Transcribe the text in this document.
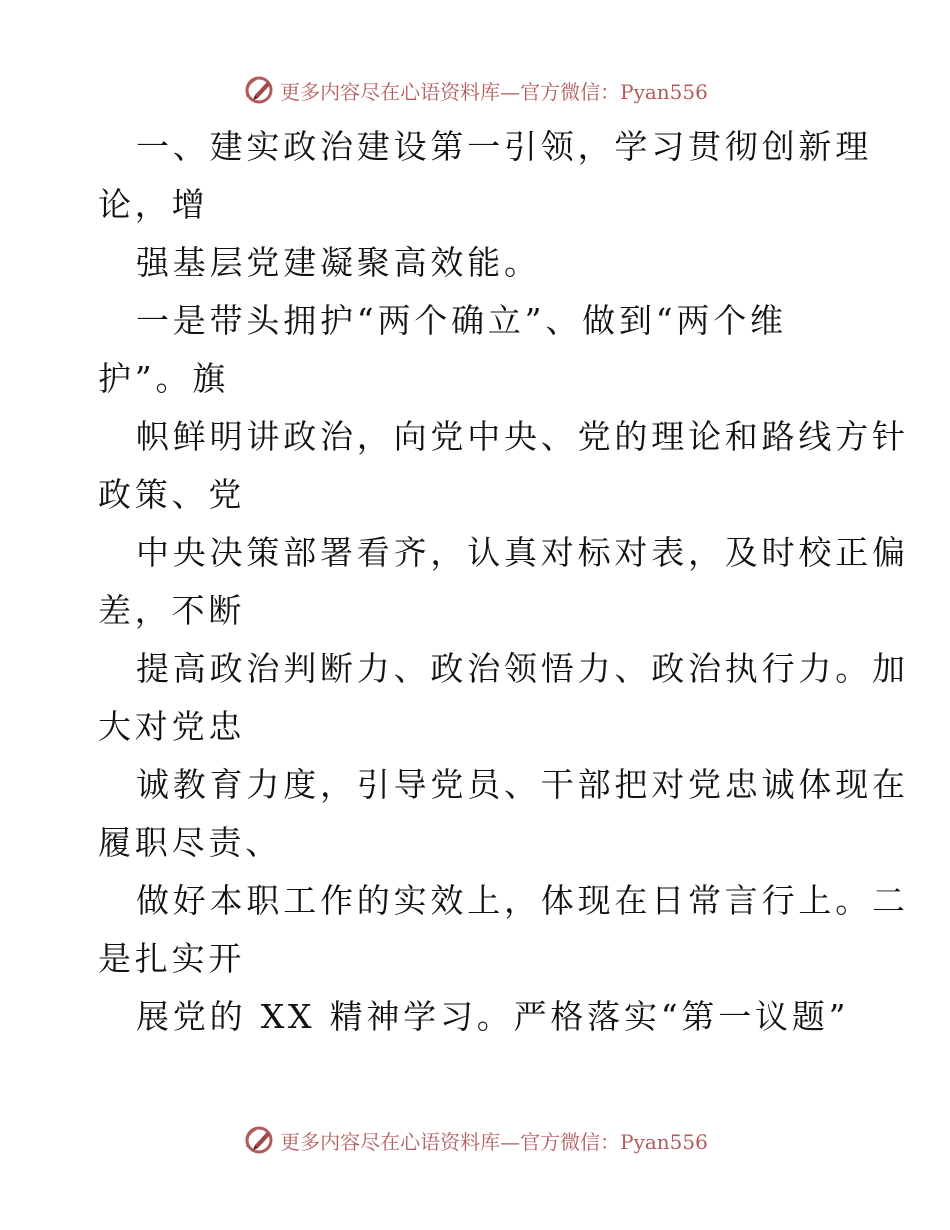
更多内容尽在心语资料库—官方微信：Pyan556

一、建实政治建设第一引领，学习贯彻创新理

论，增

强基层党建凝聚高效能。

一是带头拥护“两个确立”、做到“两个维

护”。旗

帜鲜明讲政治，向党中央、党的理论和路线方针

政策、党

中央决策部署看齐，认真对标对表，及时校正偏

差，不断

提高政治判断力、政治领悟力、政治执行力。加

大对党忠

诚教育力度，引导党员、干部把对党忠诚体现在

履职尽责、

做好本职工作的实效上，体现在日常言行上。二

是扎实开

展党的 XX 精神学习。严格落实“第一议题”

更多内容尽在心语资料库—官方微信：Pyan556
